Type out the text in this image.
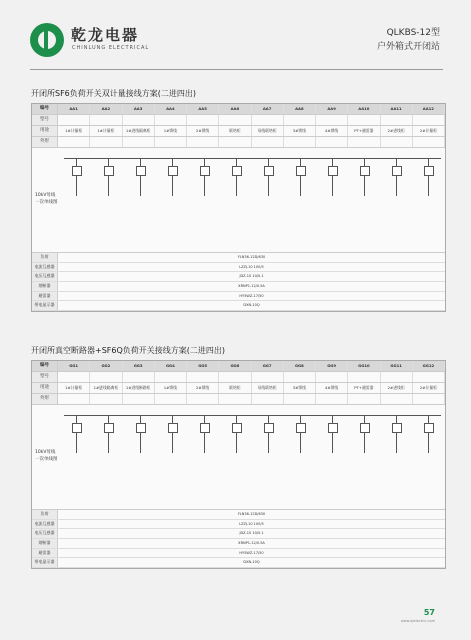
乾龙电器
CHINLUNG ELECTRICAL
QLKBS-12型
户外箱式开闭站
开闭所SF6负荷开关双计量接线方案(二进四出)
编号	AA1	AA2	AA3	AA4	AA5	AA6	AA7	AA8	AA9	AA10	AA11	AA12
型号
用途	1#计量柜	1#计量柜	1#进线隔离柜	1#馈线	2#馈线	联络柜	母线联络柜	3#馈线	4#馈线	PT+避雷器	2#进线柜	2#计量柜
外形
10kV母线
一次单线图
负荷	FLN36-12D/630
电流互感器	LZZJ-10 100/5
电压互感器	JDZ-10 10/0.1
熔断器	XRNP1-12/0.5A
避雷器	HY5WZ-17/50
带电显示器	DXN-10Q
开闭所真空断路器+SF6Q负荷开关接线方案(二进四出)
编号	GG1	GG2	GG3	GG4	GG5	GG6	GG7	GG8	GG9	GG10	GG11	GG12
型号
用途	1#计量柜	1#进线隔离柜	1#进线断路柜	1#馈线	2#馈线	联络柜	母线联络柜	3#馈线	4#馈线	PT+避雷器	2#进线柜	2#计量柜
外形
10kV母线
一次单线图
负荷	FLN36-12D/630
电流互感器	LZZJ-10 100/5
电压互感器	JDZ-10 10/0.1
熔断器	XRNP1-12/0.5A
避雷器	HY5WZ-17/50
带电显示器	DXN-10Q
57
www.qlelectric.com
